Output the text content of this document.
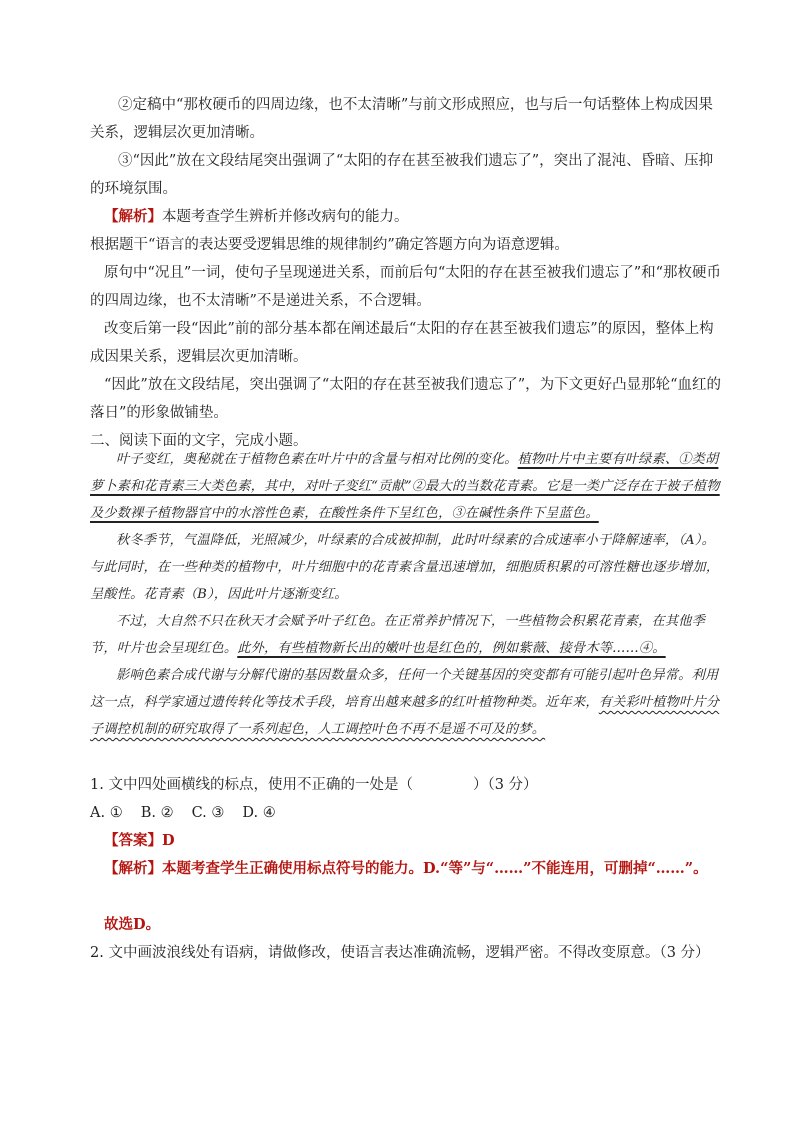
②定稿中“那枚硬币的四周边缘，也不太清晰”与前文形成照应，也与后一句话整体上构成因果关系，逻辑层次更加清晰。

③“因此”放在文段结尾突出强调了“太阳的存在甚至被我们遗忘了”，突出了混沌、昏暗、压抑的环境氛围。

【解析】本题考查学生辨析并修改病句的能力。

根据题干“语言的表达要受逻辑思维的规律制约”确定答题方向为语意逻辑。

原句中“况且”一词，使句子呈现递进关系，而前后句“太阳的存在甚至被我们遗忘了”和“那枚硬币的四周边缘，也不太清晰”不是递进关系，不合逻辑。

改变后第一段“因此”前的部分基本都在阐述最后“太阳的存在甚至被我们遗忘”的原因，整体上构成因果关系，逻辑层次更加清晰。

“因此”放在文段结尾，突出强调了“太阳的存在甚至被我们遗忘了”，为下文更好凸显那轮“血红的落日”的形象做铺垫。

二、阅读下面的文字，完成小题。

叶子变红，奥秘就在于植物色素在叶片中的含量与相对比例的变化。植物叶片中主要有叶绿素、①类胡萝卜素和花青素三大类色素，其中，对叶子变红“贡献”②最大的当数花青素。它是一类广泛存在于被子植物及少数裸子植物器官中的水溶性色素，在酸性条件下呈红色，③在碱性条件下呈蓝色。

秋冬季节，气温降低，光照减少，叶绿素的合成被抑制，此时叶绿素的合成速率小于降解速率，（A）。与此同时，在一些种类的植物中，叶片细胞中的花青素含量迅速增加，细胞质积累的可溶性糖也逐步增加，呈酸性。花青素（B），因此叶片逐渐变红。

不过，大自然不只在秋天才会赋予叶子红色。在正常养护情况下，一些植物会积累花青素，在其他季节，叶片也会呈现红色。此外，有些植物新长出的嫩叶也是红色的，例如紫薇、接骨木等……④。

影响色素合成代谢与分解代谢的基因数量众多，任何一个关键基因的突变都有可能引起叶色异常。利用这一点，科学家通过遗传转化等技术手段，培育出越来越多的红叶植物种类。近年来，有关彩叶植物叶片分子调控机制的研究取得了一系列起色，人工调控叶色不再不是遥不可及的梦。

1. 文中四处画横线的标点，使用不正确的一处是（	）（3 分）

A. ① B. ② C. ③ D. ④

【答案】D

【解析】本题考查学生正确使用标点符号的能力。D.“等”与“……”不能连用，可删掉“……”。

故选D。

2. 文中画波浪线处有语病，请做修改，使语言表达准确流畅，逻辑严密。不得改变原意。（3 分）
